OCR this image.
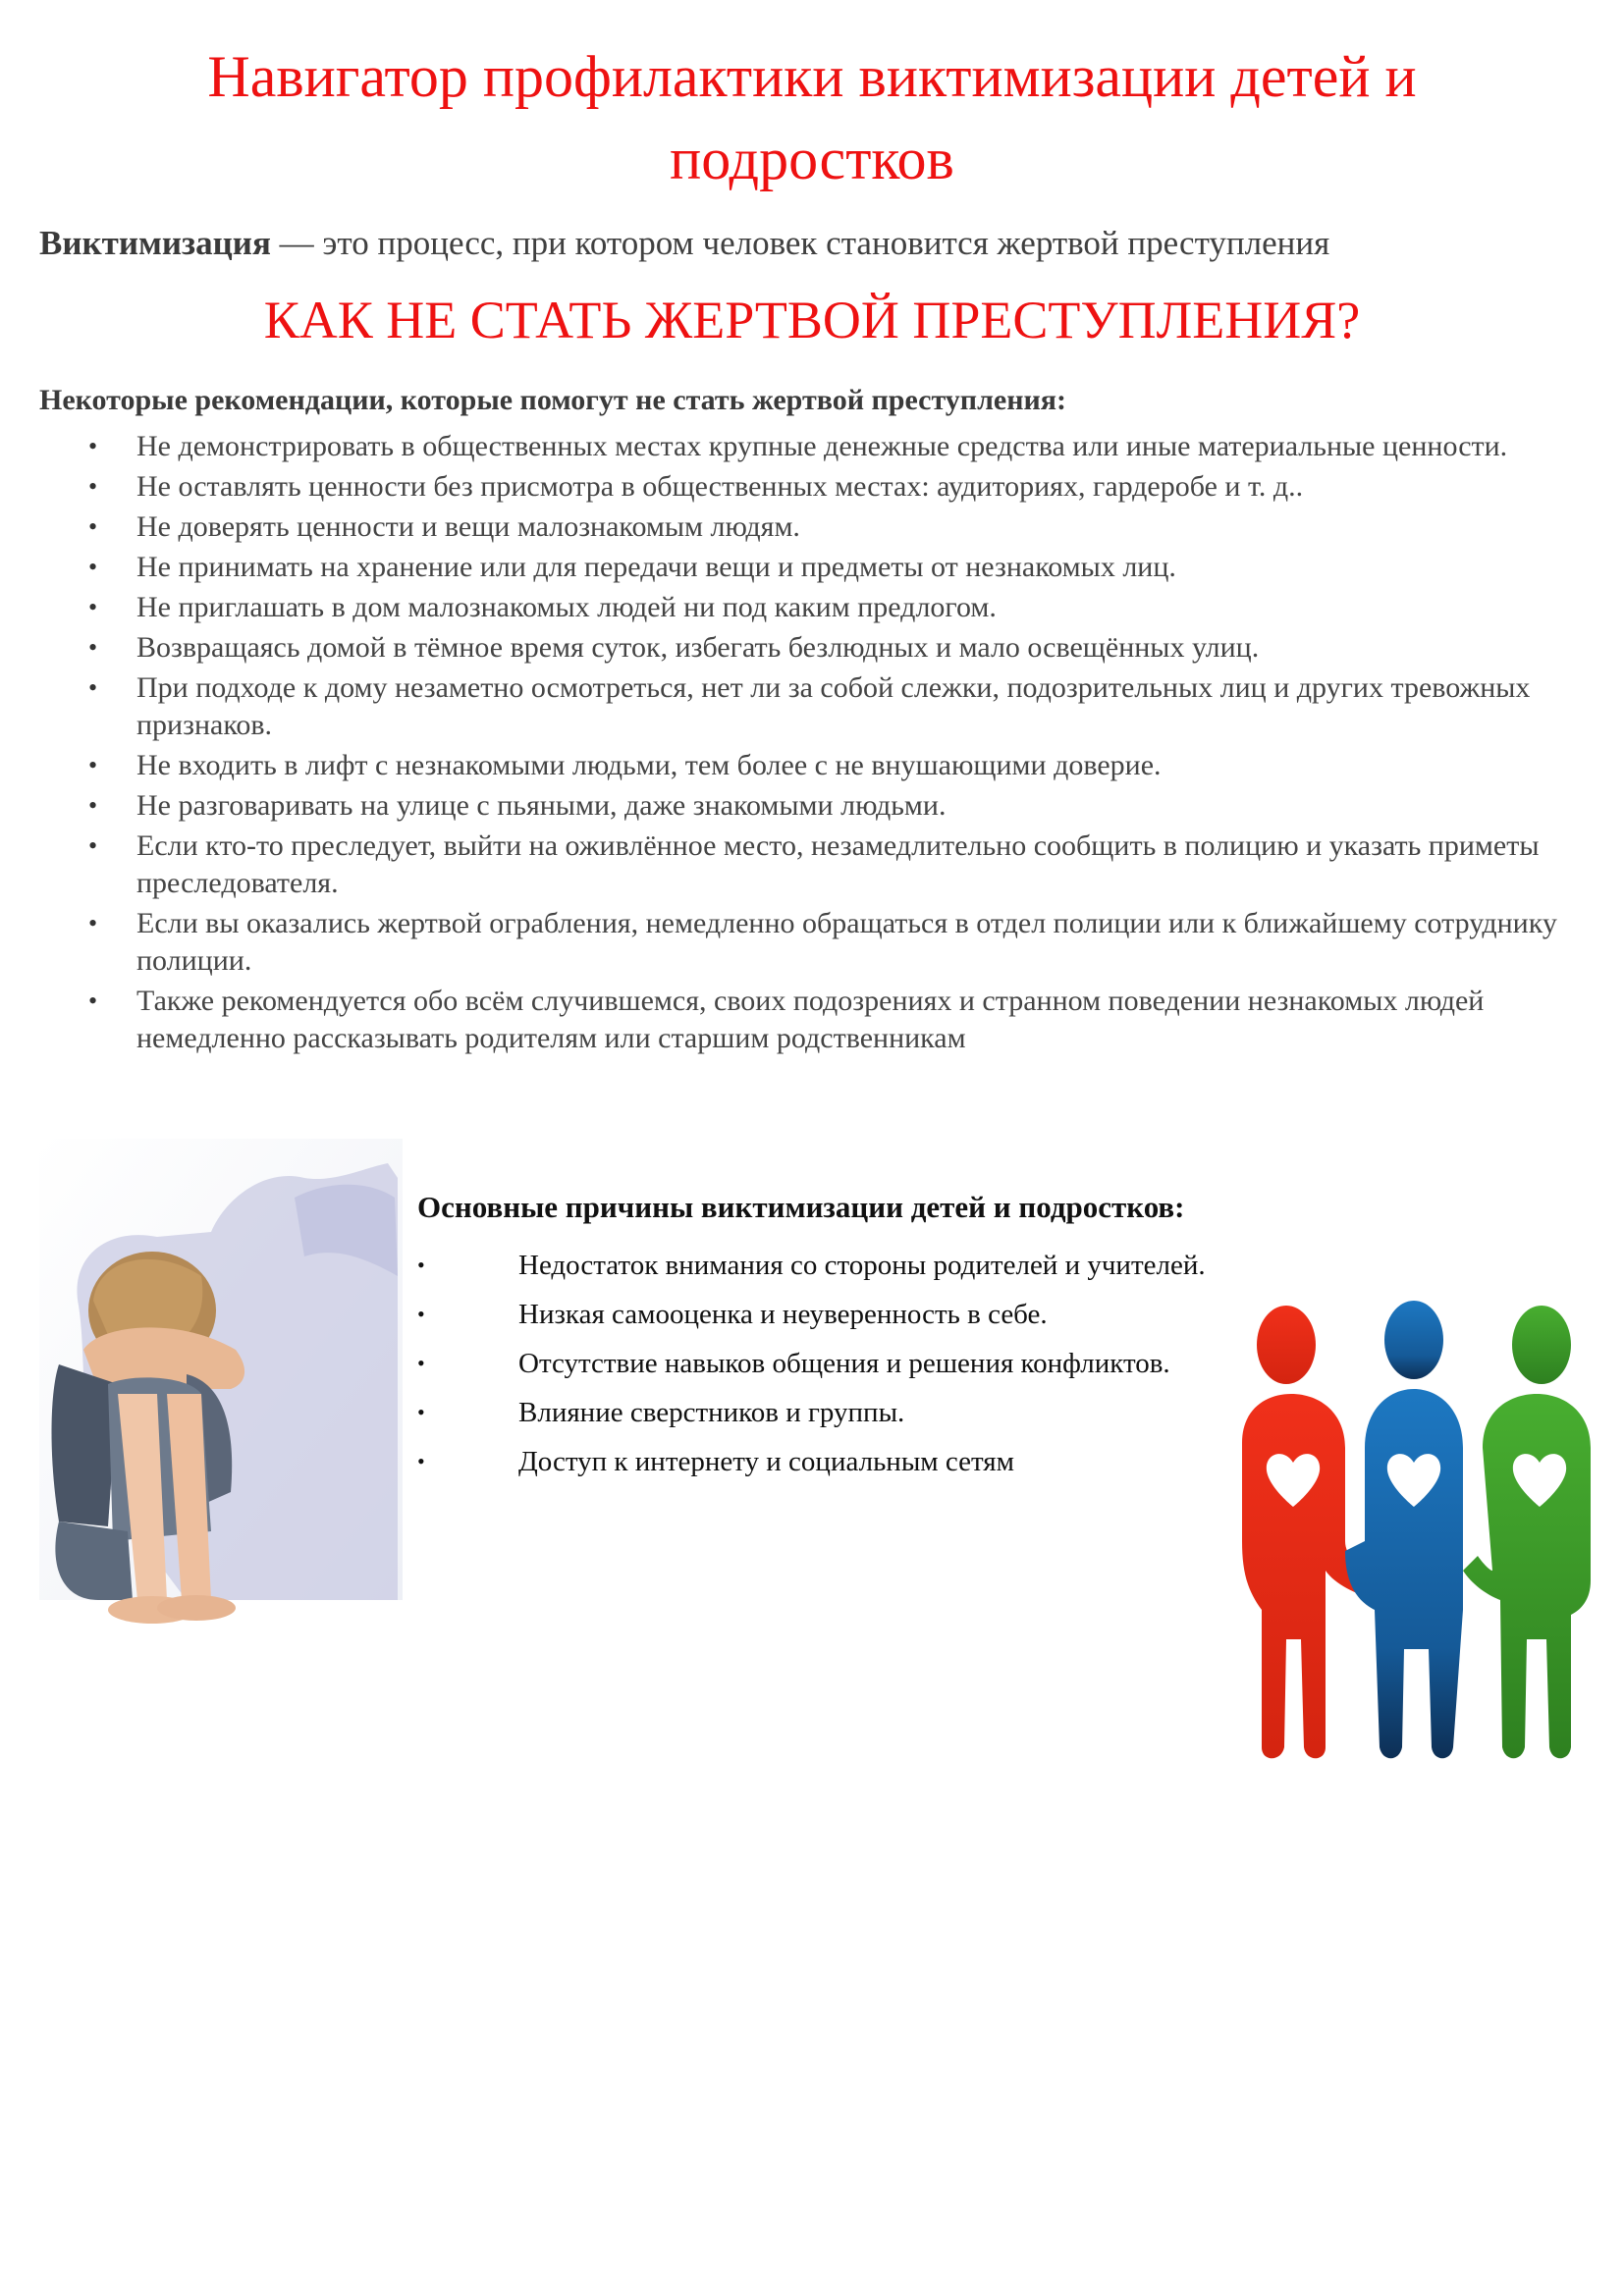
Навигатор профилактики виктимизации детей и подростков

Виктимизация — это процесс, при котором человек становится жертвой преступления

КАК НЕ СТАТЬ ЖЕРТВОЙ ПРЕСТУПЛЕНИЯ?

Некоторые рекомендации, которые помогут не стать жертвой преступления:

•	Не демонстрировать в общественных местах крупные денежные средства или иные материальные ценности.
•	Не оставлять ценности без присмотра в общественных местах: аудиториях, гардеробе и т. д..
•	Не доверять ценности и вещи малознакомым людям.
•	Не принимать на хранение или для передачи вещи и предметы от незнакомых лиц.
•	Не приглашать в дом малознакомых людей ни под каким предлогом.
•	Возвращаясь домой в тёмное время суток, избегать безлюдных и мало освещённых улиц.
•	При подходе к дому незаметно осмотреться, нет ли за собой слежки, подозрительных лиц и других тревожных признаков.
•	Не входить в лифт с незнакомыми людьми, тем более с не внушающими доверие.
•	Не разговаривать на улице с пьяными, даже знакомыми людьми.
•	Если кто-то преследует, выйти на оживлённое место, незамедлительно сообщить в полицию и указать приметы преследователя.
•	Если вы оказались жертвой ограбления, немедленно обращаться в отдел полиции или к ближайшему сотруднику полиции.
•	Также рекомендуется обо всём случившемся, своих подозрениях и странном поведении незнакомых людей немедленно рассказывать родителям или старшим родственникам
Основные причины виктимизации детей и подростков:
•	Недостаток внимания со стороны родителей и учителей.
•	Низкая самооценка и неуверенность в себе.
•	Отсутствие навыков общения и решения конфликтов.
•	Влияние сверстников и группы.
•	Доступ к интернету и социальным сетям
